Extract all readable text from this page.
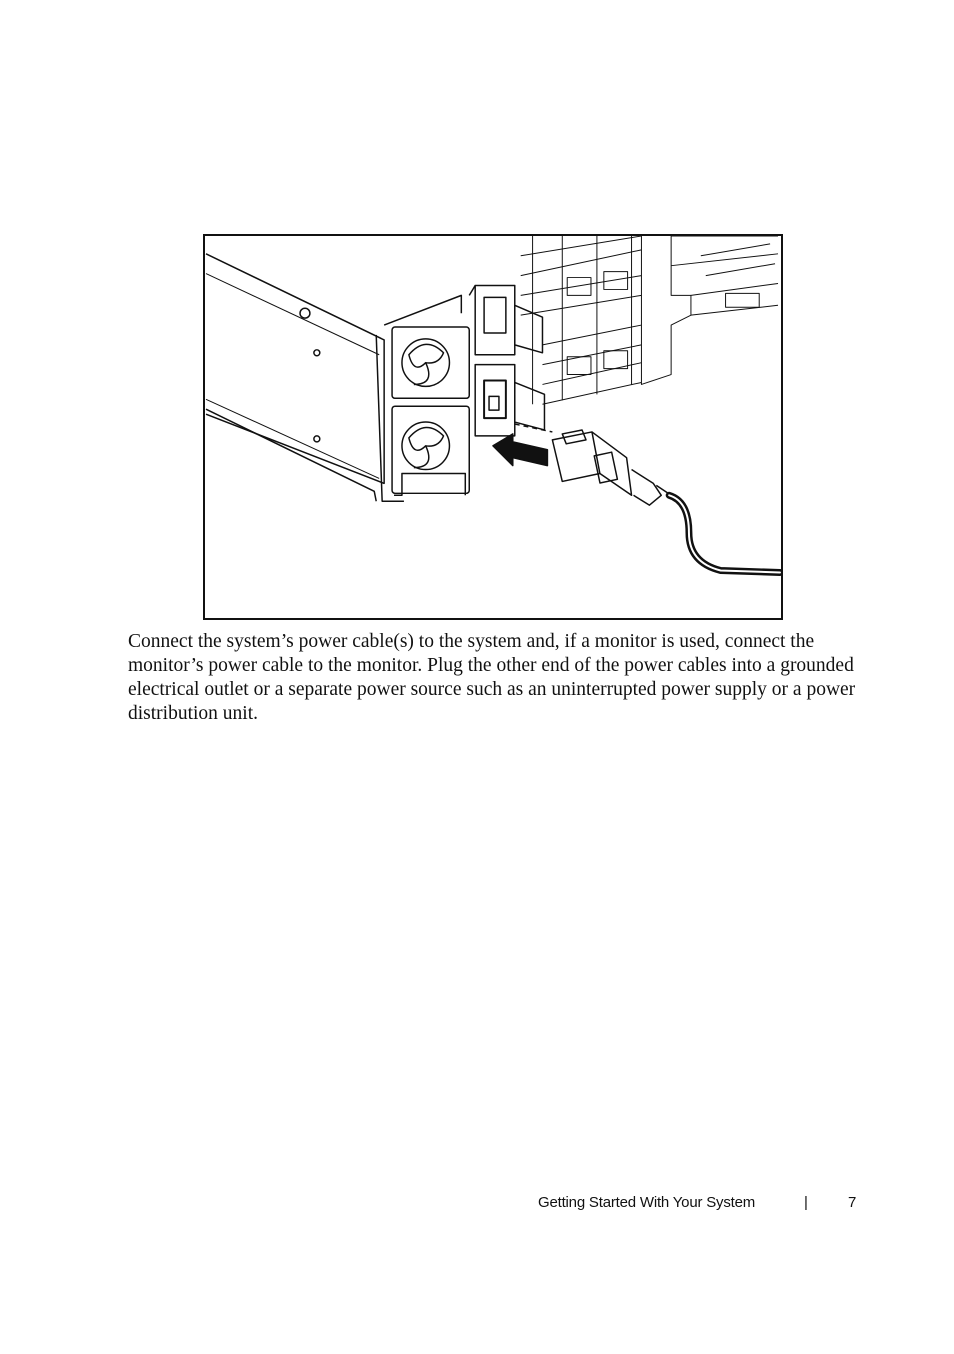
Connect the system’s power cable(s) to the system and, if a monitor is used, connect the monitor’s power cable to the monitor. Plug the other end of the power cables into a grounded electrical outlet or a separate power source such as an uninterrupted power supply or a power distribution unit.

Getting Started With Your System	|	7
